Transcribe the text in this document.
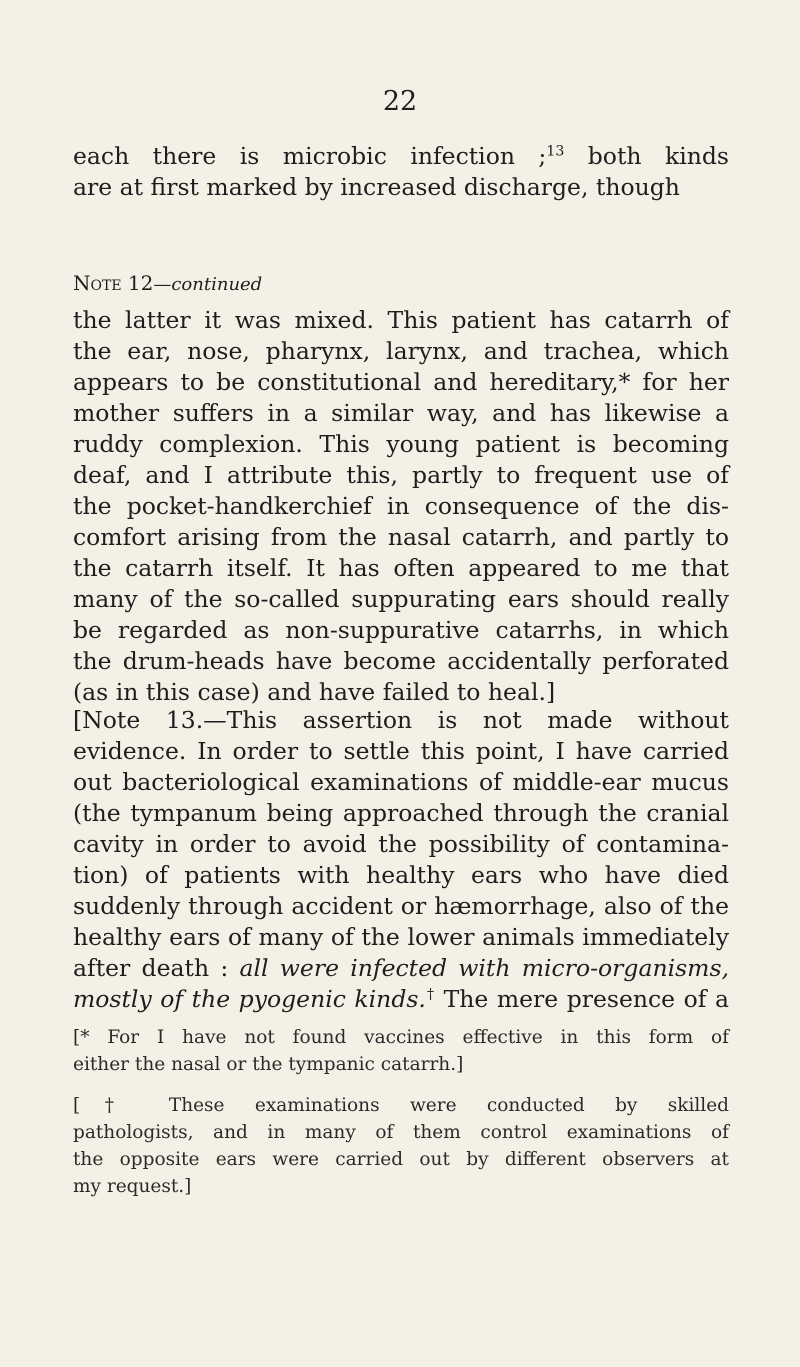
22
each there is microbic infection ;$^{13}$ both kinds
are at first marked by increased discharge, though
Note 12—continued
the latter it was mixed. This patient has catarrh of
the ear, nose, pharynx, larynx, and trachea, which
appears to be constitutional and hereditary,* for her
mother suffers in a similar way, and has likewise a
ruddy complexion. This young patient is becoming
deaf, and I attribute this, partly to frequent use of
the pocket-handkerchief in consequence of the dis-
comfort arising from the nasal catarrh, and partly to
the catarrh itself. It has often appeared to me that
many of the so-called suppurating ears should really
be regarded as non-suppurative catarrhs, in which
the drum-heads have become accidentally perforated
(as in this case) and have failed to heal.]
[Note 13.—This assertion is not made without
evidence. In order to settle this point, I have carried
out bacteriological examinations of middle-ear mucus
(the tympanum being approached through the cranial
cavity in order to avoid the possibility of contamina-
tion) of patients with healthy ears who have died
suddenly through accident or hæmorrhage, also of the
healthy ears of many of the lower animals immediately
after death : all were infected with micro-organisms,
mostly of the pyogenic kinds.† The mere presence of a
[* For I have not found vaccines effective in this form of
either the nasal or the tympanic catarrh.]
[† These examinations were conducted by skilled
pathologists, and in many of them control examinations of
the opposite ears were carried out by different observers at
my request.]
